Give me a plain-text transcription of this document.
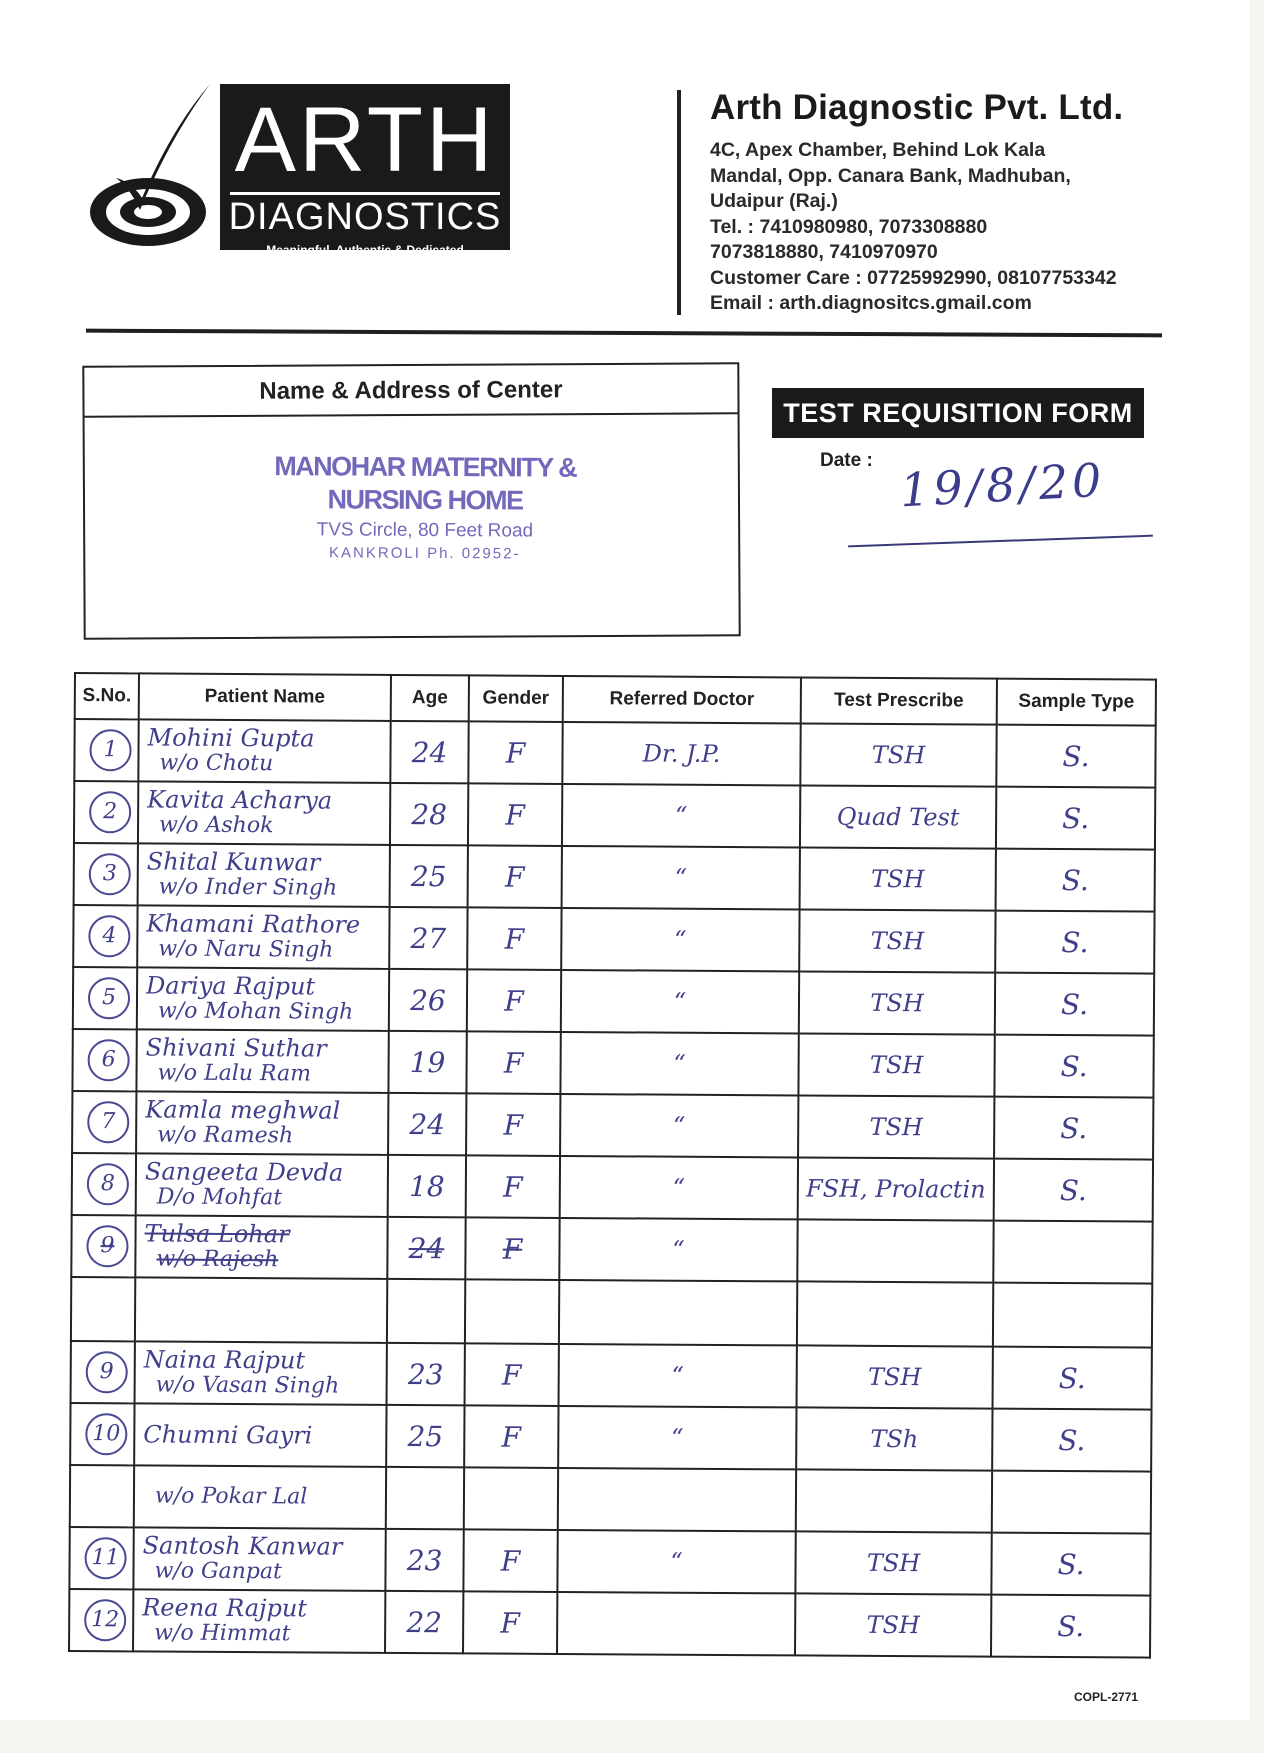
ARTH
DIAGNOSTICS
Meaningful, Authentic & Dedicated
Arth Diagnostic Pvt. Ltd.
4C, Apex Chamber, Behind Lok Kala
Mandal, Opp. Canara Bank, Madhuban,
Udaipur (Raj.)
Tel. : 7410980980, 7073308880
7073818880, 7410970970
Customer Care : 07725992990, 08107753342
Email : arth.diagnositcs.gmail.com
Name & Address of Center
MANOHAR MATERNITY &
NURSING HOME
TVS Circle, 80 Feet Road
KANKROLI Ph. 02952-
TEST REQUISITION FORM
Date : 19/8/20
S.No.	Patient Name	Age	Gender	Referred Doctor	Test Prescribe	Sample Type
1	Mohini Gupta
w/o Chotu	24	F	Dr. J.P.	TSH	S.
2	Kavita Acharya
w/o Ashok	28	F	“	Quad Test	S.
3	Shital Kunwar
w/o Inder Singh	25	F	“	TSH	S.
4	Khamani Rathore
w/o Naru Singh	27	F	“	TSH	S.
5	Dariya Rajput
w/o Mohan Singh	26	F	“	TSH	S.
6	Shivani Suthar
w/o Lalu Ram	19	F	“	TSH	S.
7	Kamla meghwal
w/o Ramesh	24	F	“	TSH	S.
8	Sangeeta Devda
D/o Mohfat	18	F	“	FSH, Prolactin	S.
9	Tulsa Lohar
w/o Rajesh	24	F	“		

9	Naina Rajput
w/o Vasan Singh	23	F	“	TSH	S.
10	Chumni Gayri	25	F	“	TSh	S.

	w/o Pokar Lal					

11	Santosh Kanwar
w/o Ganpat	23	F	“	TSH	S.
12	Reena Rajput
w/o Himmat	22	F		TSH	S.
COPL-2771
